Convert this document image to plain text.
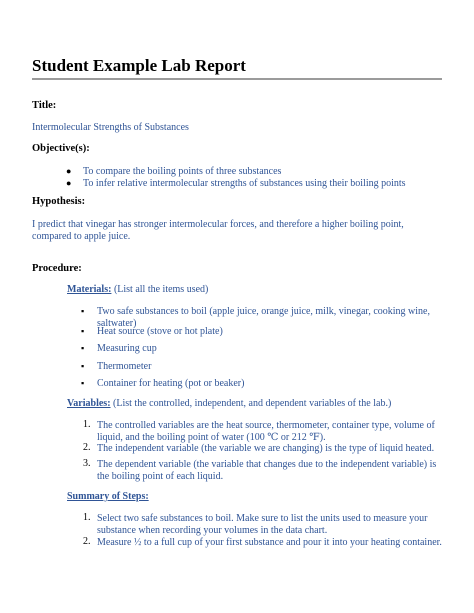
Student Example Lab Report
Title:
Intermolecular Strengths of Substances
Objective(s):
● To compare the boiling points of three substances
● To infer relative intermolecular strengths of substances using their boiling points
Hypothesis:
I predict that vinegar has stronger intermolecular forces, and therefore a higher boiling point,
compared to apple juice.
Procedure:
Materials: (List all the items used)
▪ Two safe substances to boil (apple juice, orange juice, milk, vinegar, cooking wine,
saltwater)
▪ Heat source (stove or hot plate)
▪ Measuring cup
▪ Thermometer
▪ Container for heating (pot or beaker)
Variables: (List the controlled, independent, and dependent variables of the lab.)
1. The controlled variables are the heat source, thermometer, container type, volume of
liquid, and the boiling point of water (100 ℃ or 212 ℉).
2. The independent variable (the variable we are changing) is the type of liquid heated.
3. The dependent variable (the variable that changes due to the independent variable) is
the boiling point of each liquid.
Summary of Steps:
1. Select two safe substances to boil. Make sure to list the units used to measure your
substance when recording your volumes in the data chart.
2. Measure ½ to a full cup of your first substance and pour it into your heating container.
